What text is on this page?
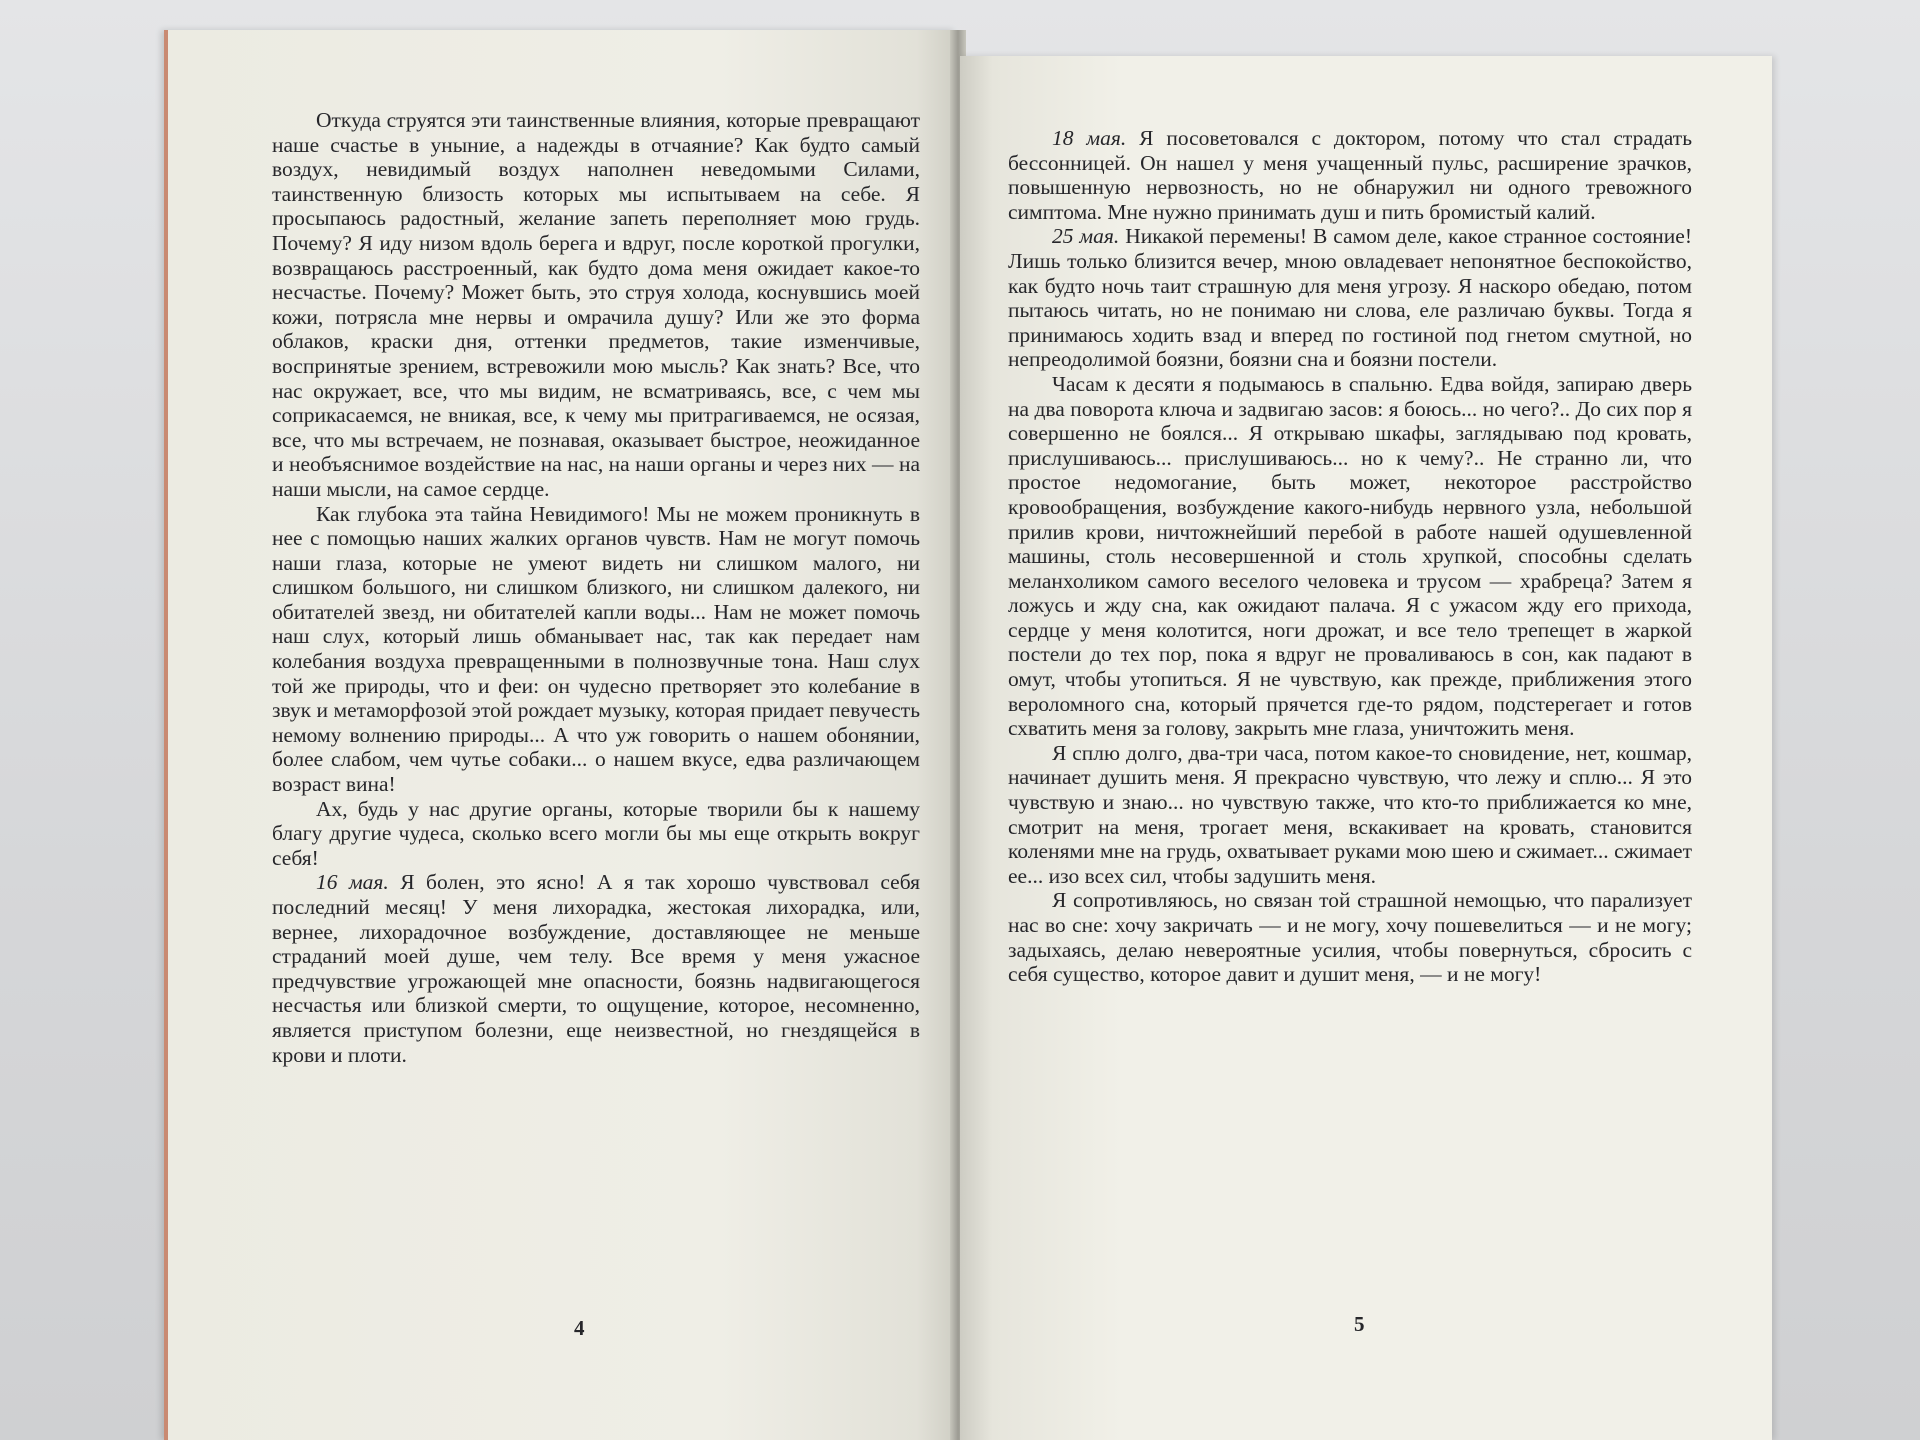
Откуда струятся эти таинственные влияния, которые превращают наше счастье в уныние, а надежды в отчаяние? Как будто самый воздух, невидимый воздух наполнен неведомыми Силами, таинственную близость которых мы испытываем на себе. Я просыпаюсь радостный, желание запеть переполняет мою грудь. Почему? Я иду низом вдоль берега и вдруг, после короткой прогулки, возвращаюсь расстроенный, как будто дома меня ожидает какое-то несчастье. Почему? Может быть, это струя холода, коснувшись моей кожи, потрясла мне нервы и омрачила душу? Или же это форма облаков, краски дня, оттенки предметов, такие изменчивые, воспринятые зрением, встревожили мою мысль? Как знать? Все, что нас окружает, все, что мы видим, не всматриваясь, все, с чем мы соприкасаемся, не вникая, все, к чему мы притрагиваемся, не осязая, все, что мы встречаем, не познавая, оказывает быстрое, неожиданное и необъяснимое воздействие на нас, на наши органы и через них — на наши мысли, на самое сердце.

Как глубока эта тайна Невидимого! Мы не можем проникнуть в нее с помощью наших жалких органов чувств. Нам не могут помочь наши глаза, которые не умеют видеть ни слишком малого, ни слишком большого, ни слишком близкого, ни слишком далекого, ни обитателей звезд, ни обитателей капли воды... Нам не может помочь наш слух, который лишь обманывает нас, так как передает нам колебания воздуха превращенными в полнозвучные тона. Наш слух той же природы, что и феи: он чудесно претворяет это колебание в звук и метаморфозой этой рождает музыку, которая придает певучесть немому волнению природы... А что уж говорить о нашем обонянии, более слабом, чем чутье собаки... о нашем вкусе, едва различающем возраст вина!

Ах, будь у нас другие органы, которые творили бы к нашему благу другие чудеса, сколько всего могли бы мы еще открыть вокруг себя!

16 мая. Я болен, это ясно! А я так хорошо чувствовал себя последний месяц! У меня лихорадка, жестокая лихорадка, или, вернее, лихорадочное возбуждение, доставляющее не меньше страданий моей душе, чем телу. Все время у меня ужасное предчувствие угрожающей мне опасности, боязнь надвигающегося несчастья или близкой смерти, то ощущение, которое, несомненно, является приступом болезни, еще неизвестной, но гнездящейся в крови и плоти.

4

18 мая. Я посоветовался с доктором, потому что стал страдать бессонницей. Он нашел у меня учащенный пульс, расширение зрачков, повышенную нервозность, но не обнаружил ни одного тревожного симптома. Мне нужно принимать душ и пить бромистый калий.

25 мая. Никакой перемены! В самом деле, какое странное состояние! Лишь только близится вечер, мною овладевает непонятное беспокойство, как будто ночь таит страшную для меня угрозу. Я наскоро обедаю, потом пытаюсь читать, но не понимаю ни слова, еле различаю буквы. Тогда я принимаюсь ходить взад и вперед по гостиной под гнетом смутной, но непреодолимой боязни, боязни сна и боязни постели.

Часам к десяти я подымаюсь в спальню. Едва войдя, запираю дверь на два поворота ключа и задвигаю засов: я боюсь... но чего?.. До сих пор я совершенно не боялся... Я открываю шкафы, заглядываю под кровать, прислушиваюсь... прислушиваюсь... но к чему?.. Не странно ли, что простое недомогание, быть может, некоторое расстройство кровообращения, возбуждение какого-нибудь нервного узла, небольшой прилив крови, ничтожнейший перебой в работе нашей одушевленной машины, столь несовершенной и столь хрупкой, способны сделать меланхоликом самого веселого человека и трусом — храбреца? Затем я ложусь и жду сна, как ожидают палача. Я с ужасом жду его прихода, сердце у меня колотится, ноги дрожат, и все тело трепещет в жаркой постели до тех пор, пока я вдруг не проваливаюсь в сон, как падают в омут, чтобы утопиться. Я не чувствую, как прежде, приближения этого вероломного сна, который прячется где-то рядом, подстерегает и готов схватить меня за голову, закрыть мне глаза, уничтожить меня.

Я сплю долго, два-три часа, потом какое-то сновидение, нет, кошмар, начинает душить меня. Я прекрасно чувствую, что лежу и сплю... Я это чувствую и знаю... но чувствую также, что кто-то приближается ко мне, смотрит на меня, трогает меня, вскакивает на кровать, становится коленями мне на грудь, охватывает руками мою шею и сжимает... сжимает ее... изо всех сил, чтобы задушить меня.

Я сопротивляюсь, но связан той страшной немощью, что парализует нас во сне: хочу закричать — и не могу, хочу пошевелиться — и не могу; задыхаясь, делаю невероятные усилия, чтобы повернуться, сбросить с себя существо, которое давит и душит меня, — и не могу!

5
